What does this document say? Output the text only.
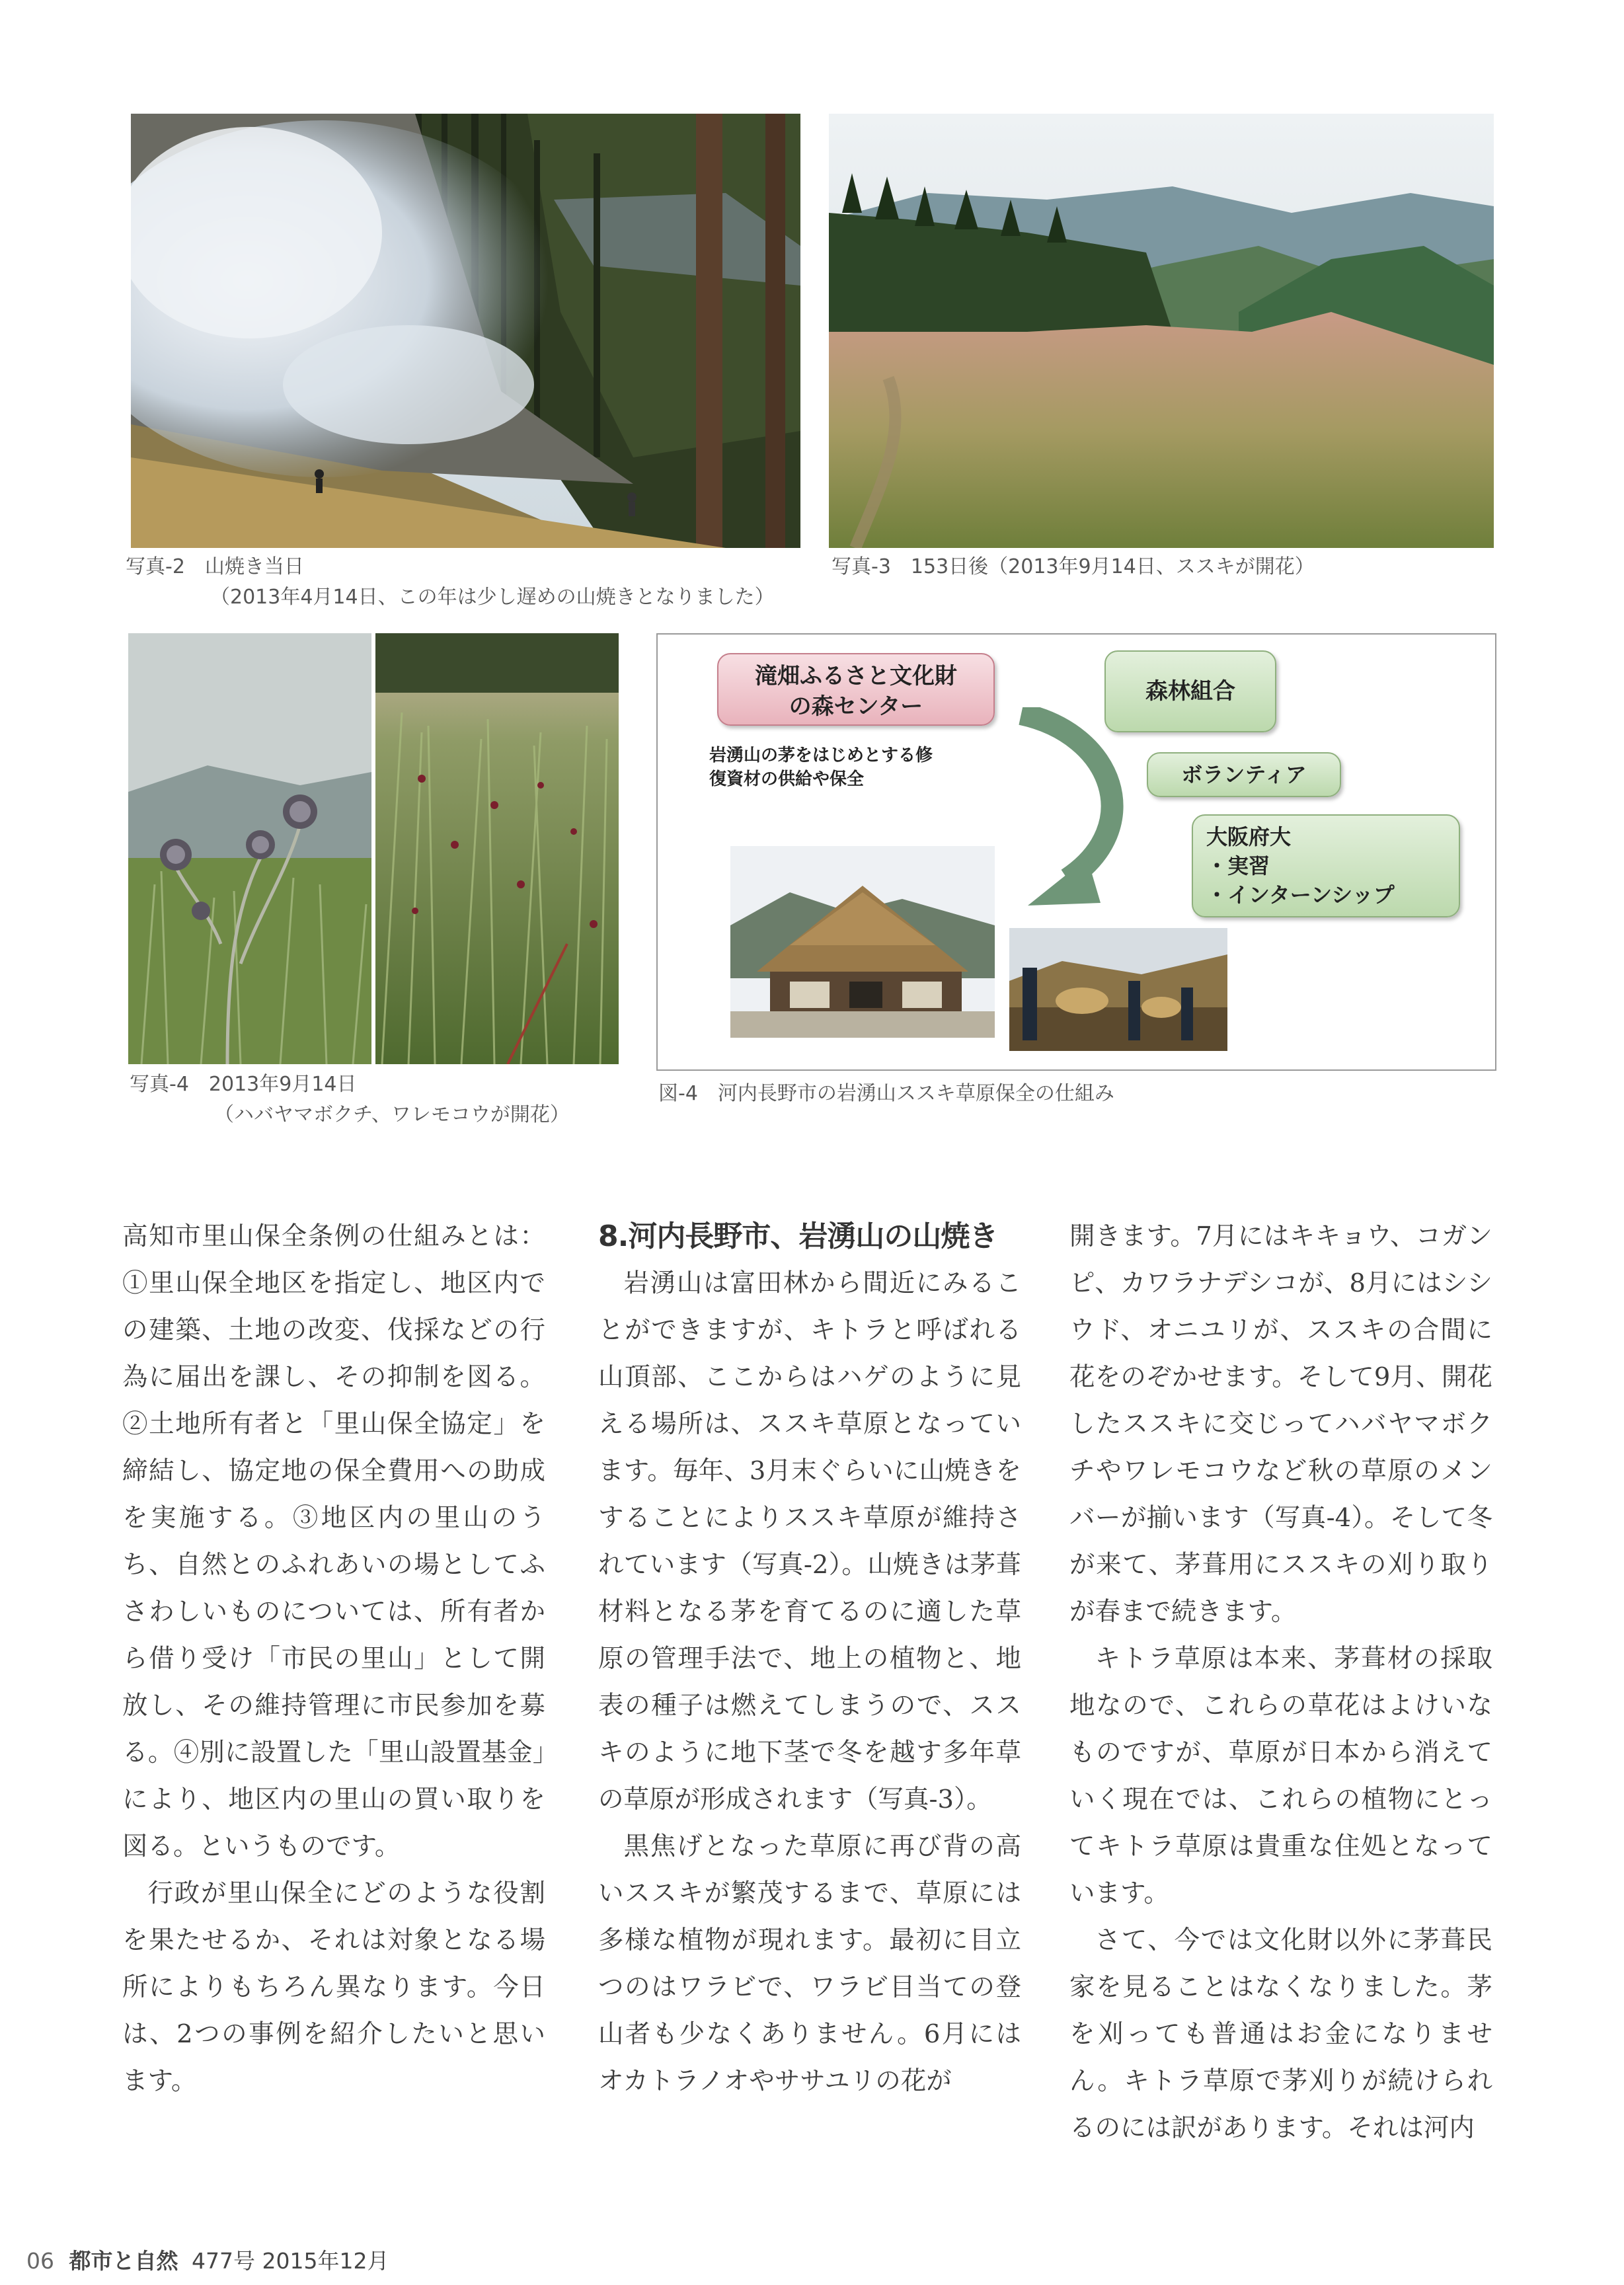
写真-2　山焼き当日
（2013年4月14日、この年は少し遅めの山焼きとなりました）
写真-3　153日後（2013年9月14日、ススキが開花）
写真-4　2013年9月14日
（ハバヤマボクチ、ワレモコウが開花）
滝畑ふるさと文化財
の森センター
岩湧山の茅をはじめとする修
復資材の供給や保全
森林組合
ボランティア
大阪府大
・実習
・インターンシップ
図-4　河内長野市の岩湧山ススキ草原保全の仕組み

高知市里山保全条例の仕組みとは：①里山保全地区を指定し、地区内での建築、土地の改変、伐採などの行為に届出を課し、その抑制を図る。②土地所有者と「里山保全協定」を締結し、協定地の保全費用への助成を実施する。③地区内の里山のうち、自然とのふれあいの場としてふさわしいものについては、所有者から借り受け「市民の里山」として開放し、その維持管理に市民参加を募る。④別に設置した「里山設置基金」により、地区内の里山の買い取りを図る。というものです。

行政が里山保全にどのような役割を果たせるか、それは対象となる場所によりもちろん異なります。今日は、2つの事例を紹介したいと思います。

8.河内長野市、岩湧山の山焼き

岩湧山は富田林から間近にみることができますが、キトラと呼ばれる山頂部、ここからはハゲのように見える場所は、ススキ草原となっています。毎年、3月末ぐらいに山焼きをすることによりススキ草原が維持されています（写真-2）。山焼きは茅葺材料となる茅を育てるのに適した草原の管理手法で、地上の植物と、地表の種子は燃えてしまうので、ススキのように地下茎で冬を越す多年草の草原が形成されます（写真-3）。

黒焦げとなった草原に再び背の高いススキが繁茂するまで、草原には多様な植物が現れます。最初に目立つのはワラビで、ワラビ目当ての登山者も少なくありません。6月にはオカトラノオやササユリの花が

開きます。7月にはキキョウ、コガンピ、カワラナデシコが、8月にはシシウド、オニユリが、ススキの合間に花をのぞかせます。そして9月、開花したススキに交じってハバヤマボクチやワレモコウなど秋の草原のメンバーが揃います（写真-4）。そして冬が来て、茅葺用にススキの刈り取りが春まで続きます。

キトラ草原は本来、茅葺材の採取地なので、これらの草花はよけいなものですが、草原が日本から消えていく現在では、これらの植物にとってキトラ草原は貴重な住処となっています。

さて、今では文化財以外に茅葺民家を見ることはなくなりました。茅を刈っても普通はお金になりません。キトラ草原で茅刈りが続けられるのには訳があります。それは河内

06 都市と自然 477号 2015年12月
